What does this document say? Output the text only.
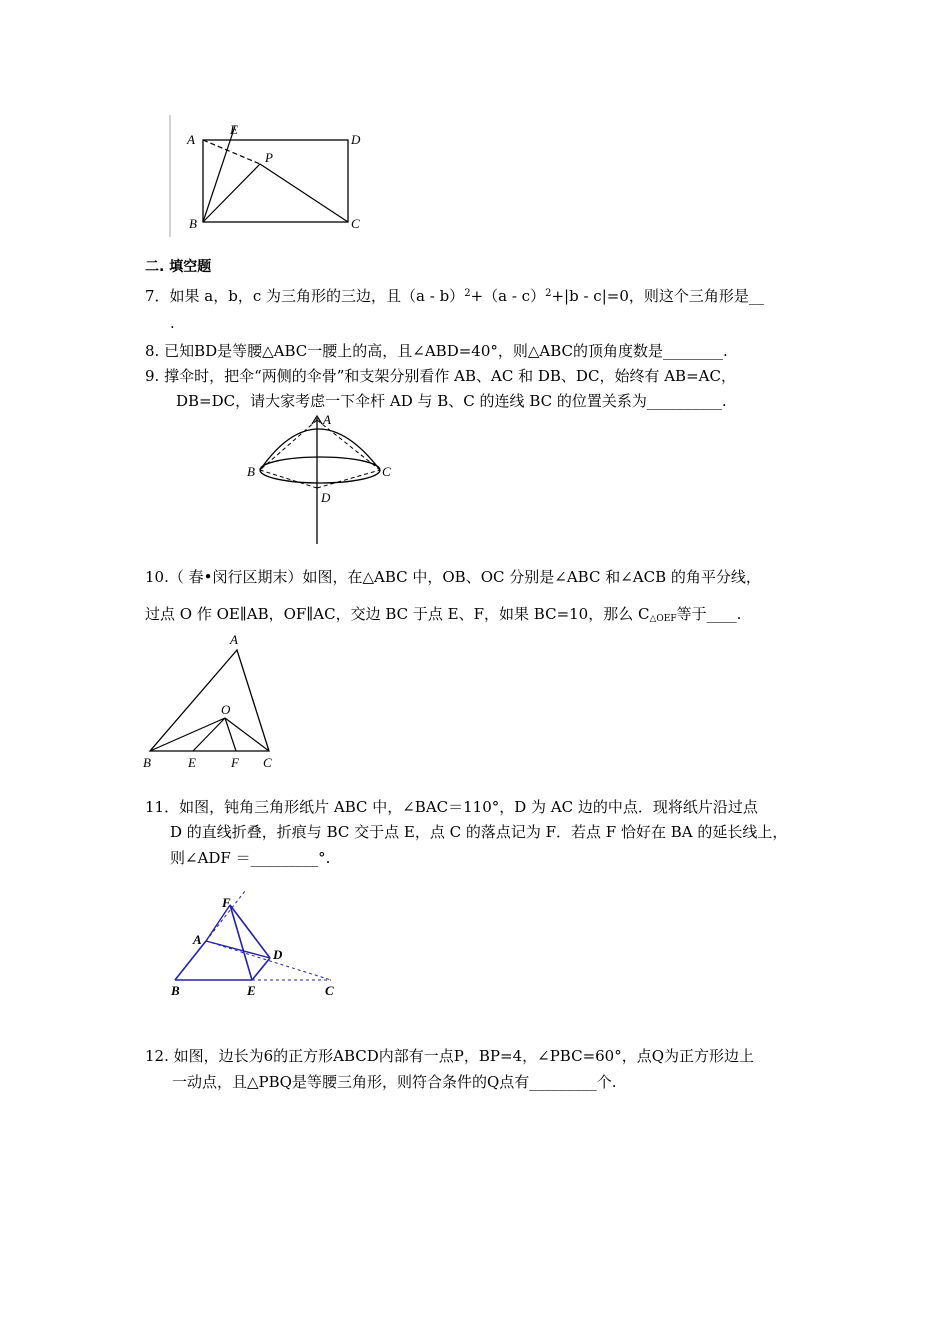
A
E
D
P
B	C
二. 填空题
7．如果 a，b，c 为三角形的三边，且（a - b）$^2$+（a - c）$^2$+|b - c|=0，则这个三角形是__
.
8. 已知BD是等腰△ABC一腰上的高，且∠ABD=40°，则△ABC的顶角度数是________.
9. 撑伞时，把伞“两侧的伞骨”和支架分别看作 AB、AC 和 DB、DC，始终有 AB=AC，
DB=DC，请大家考虑一下伞杆 AD 与 B、C 的连线 BC 的位置关系为__________.
A
B	C
D
10.（ 春•闵行区期末）如图，在△ABC 中，OB、OC 分别是∠ABC 和∠ACB 的角平分线，
过点 O 作 OE∥AB，OF∥AC，交边 BC 于点 E、F，如果 BC=10，那么 $C_{\triangle OEF}$等于____.
A
O
B	E	F C
11．如图，钝角三角形纸片 ABC 中，∠BAC＝110°，D 为 AC 边的中点．现将纸片沿过点
D 的直线折叠，折痕与 BC 交于点 E，点 C 的落点记为 F．若点 F 恰好在 BA 的延长线上，
则∠ADF ＝_________°.
F
A
D
B	E	C
12. 如图，边长为6的正方形ABCD内部有一点P，BP=4，∠PBC=60°，点Q为正方形边上
一动点，且△PBQ是等腰三角形，则符合条件的Q点有_________个.
